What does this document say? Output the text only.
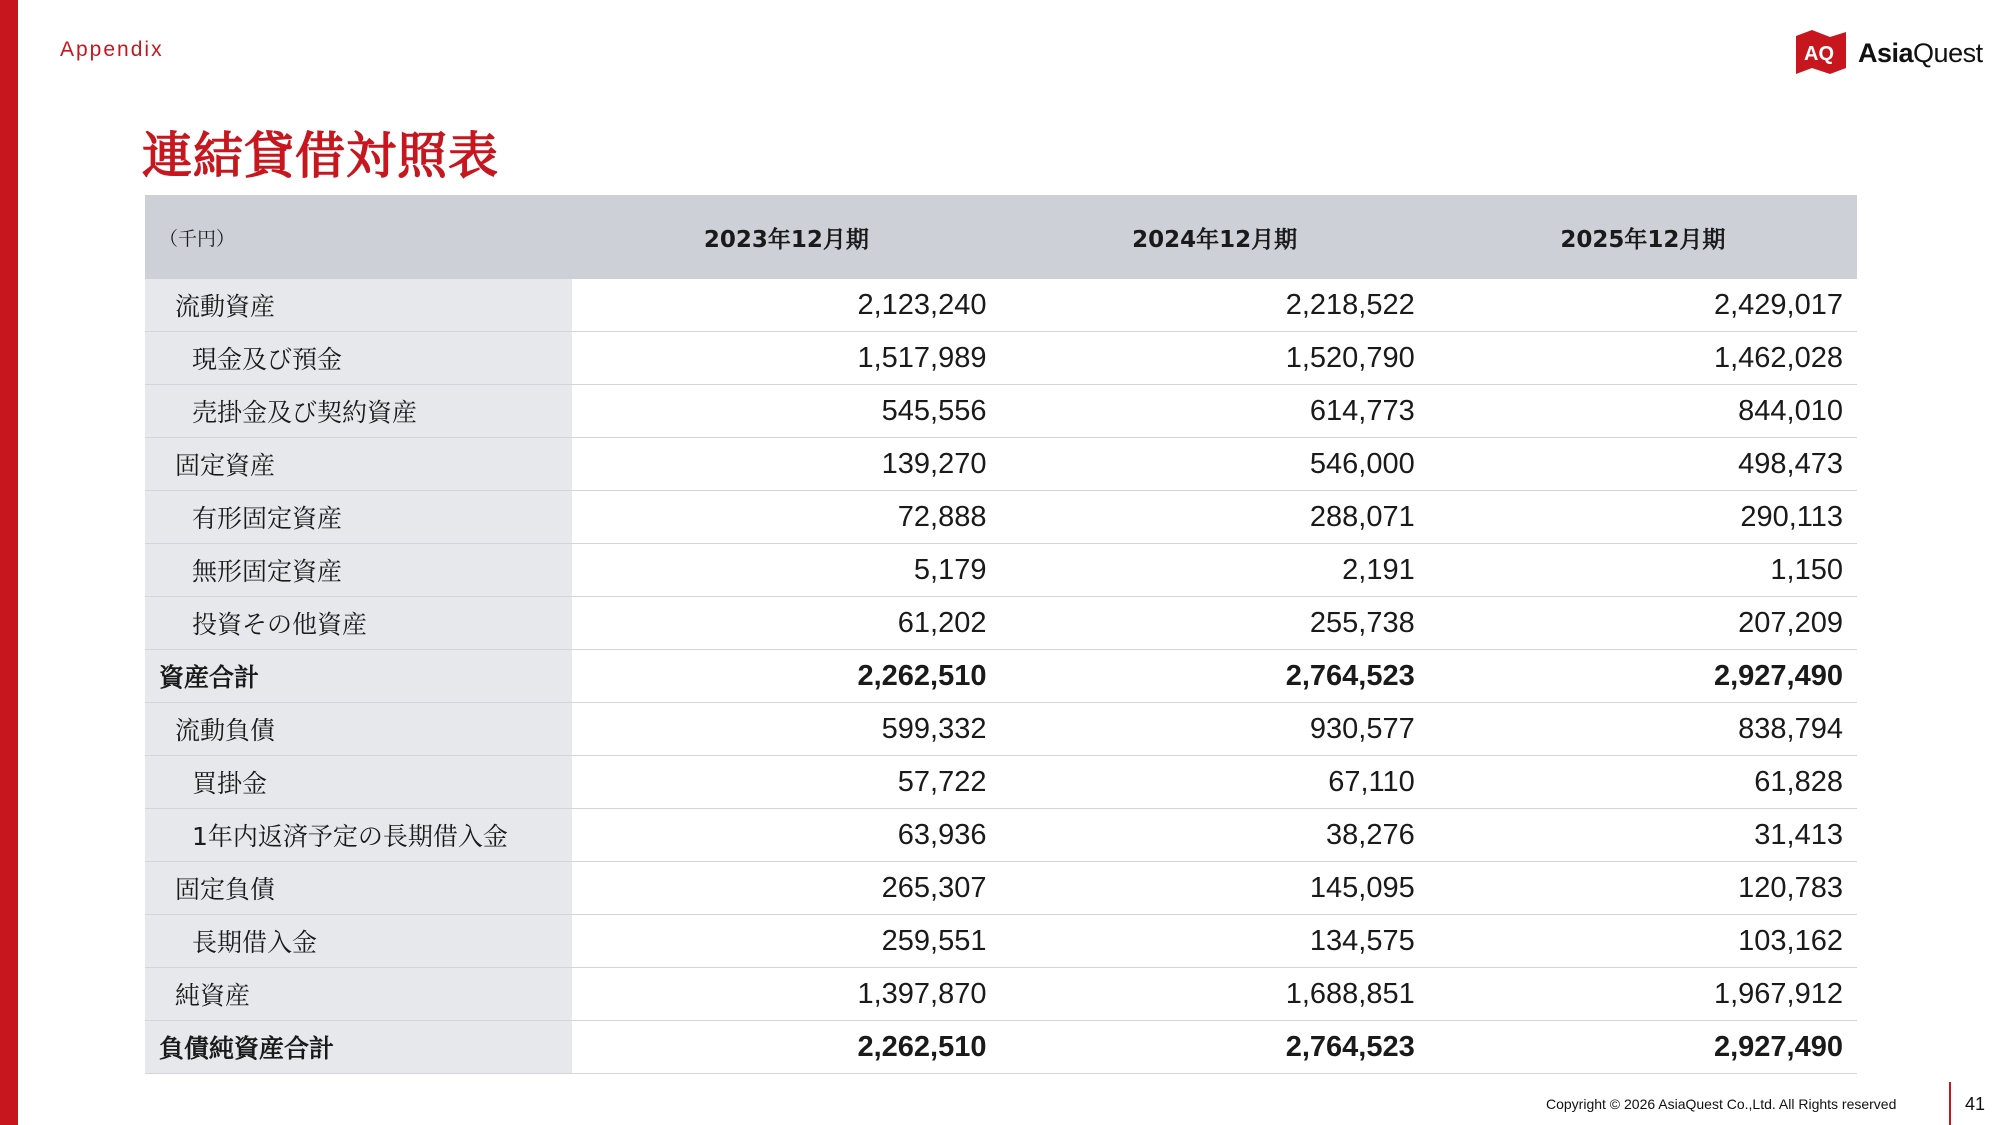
Appendix	AQ AsiaQuest
連結貸借対照表
（千円）	2023年12月期	2024年12月期	2025年12月期
流動資産	2,123,240	2,218,522	2,429,017
現金及び預金	1,517,989	1,520,790	1,462,028
売掛金及び契約資産	545,556	614,773	844,010
固定資産	139,270	546,000	498,473
有形固定資産	72,888	288,071	290,113
無形固定資産	5,179	2,191	1,150
投資その他資産	61,202	255,738	207,209
資産合計	2,262,510	2,764,523	2,927,490
流動負債	599,332	930,577	838,794
買掛金	57,722	67,110	61,828
1年内返済予定の長期借入金	63,936	38,276	31,413
固定負債	265,307	145,095	120,783
長期借入金	259,551	134,575	103,162
純資産	1,397,870	1,688,851	1,967,912
負債純資産合計	2,262,510	2,764,523	2,927,490
Copyright © 2026 AsiaQuest Co.,Ltd. All Rights reserved	41
